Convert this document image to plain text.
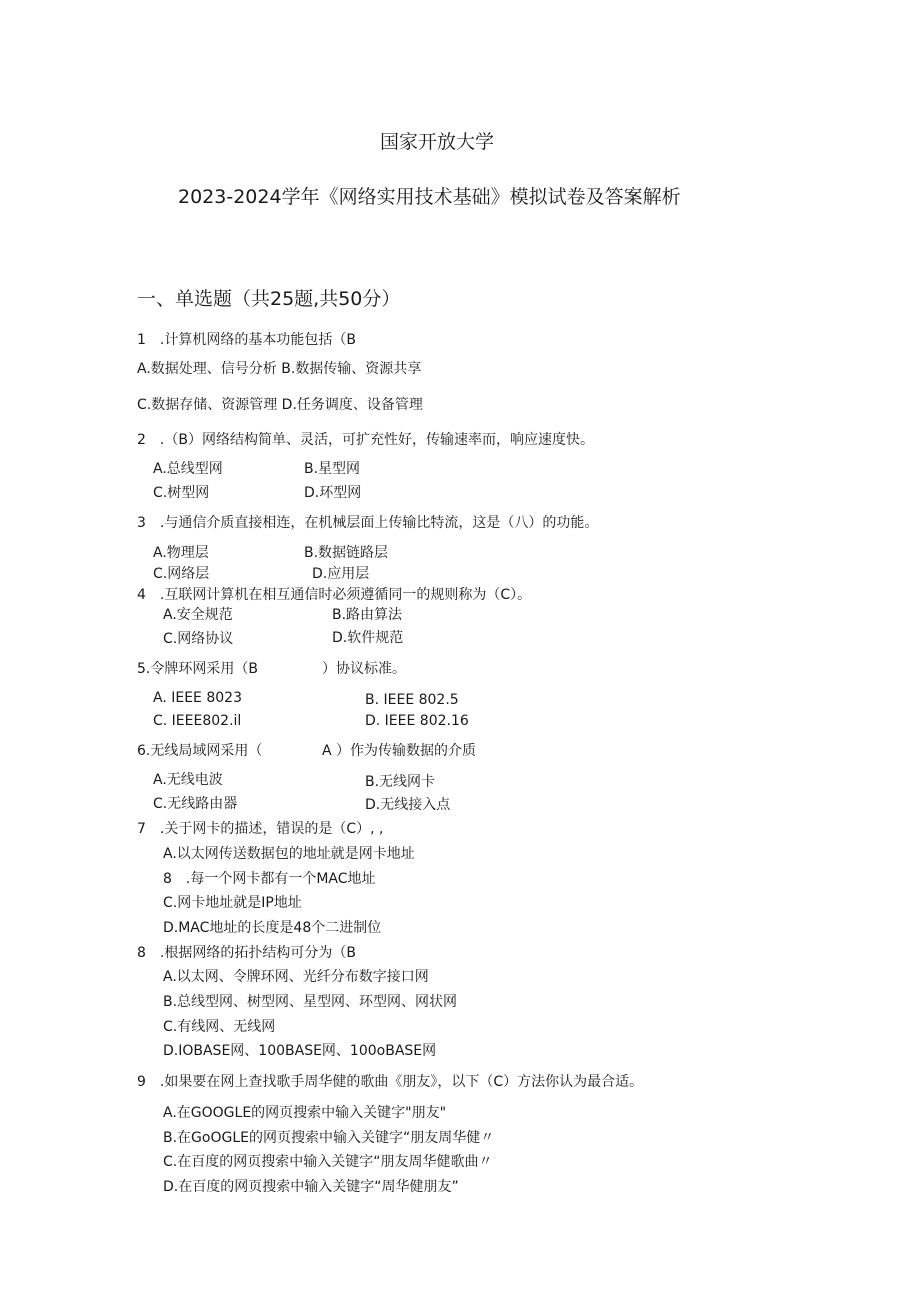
国家开放大学
2023-2024学年《网络实用技术基础》模拟试卷及答案解析
一、单选题（共25题,共50分）
1　.计算机网络的基本功能包括（B
A.数据处理、信号分析 B.数据传输、资源共享
C.数据存储、资源管理 D.任务调度、设备管理
2　.（B）网络结构简单、灵活，可扩充性好，传输速率而，响应速度快。
A.总线型网	B.星型网
C.树型网	D.环型网
3　.与通信介质直接相连，在机械层面上传输比特流，这是（八）的功能。
A.物理层	B.数据链路层
C.网络层	D.应用层
4　.互联网计算机在相互通信时必须遵循同一的规则称为（C）。
A.安全规范	B.路由算法
C.网络协议	D.软件规范
5.令牌环网采用（B	）协议标准。
A. IEEE 8023	B. IEEE 802.5
C. IEEE802.il	D. IEEE 802.16
6.无线局域网采用（	A ）作为传输数据的介质
A.无线电波	B.无线网卡
C.无线路由器	D.无线接入点
7　.关于网卡的描述，错误的是（C）, ,
A.以太网传送数据包的地址就是网卡地址
8　.每一个网卡都有一个MAC地址
C.网卡地址就是IP地址
D.MAC地址的长度是48个二进制位
8　.根据网络的拓扑结构可分为（B
A.以太网、令牌环网、光纤分布数字接口网
B.总线型网、树型网、星型网、环型网、网状网
C.有线网、无线网
D.IOBASE网、100BASE网、100oBASE网
9　.如果要在网上查找歌手周华健的歌曲《朋友》，以下（C）方法你认为最合适。
A.在GOOGLE的网页搜索中输入关键字"朋友"
B.在GoOGLE的网页搜索中输入关键字“朋友周华健〃
C.在百度的网页搜索中输入关键字“朋友周华健歌曲〃
D.在百度的网页搜索中输入关键字“周华健朋友”
